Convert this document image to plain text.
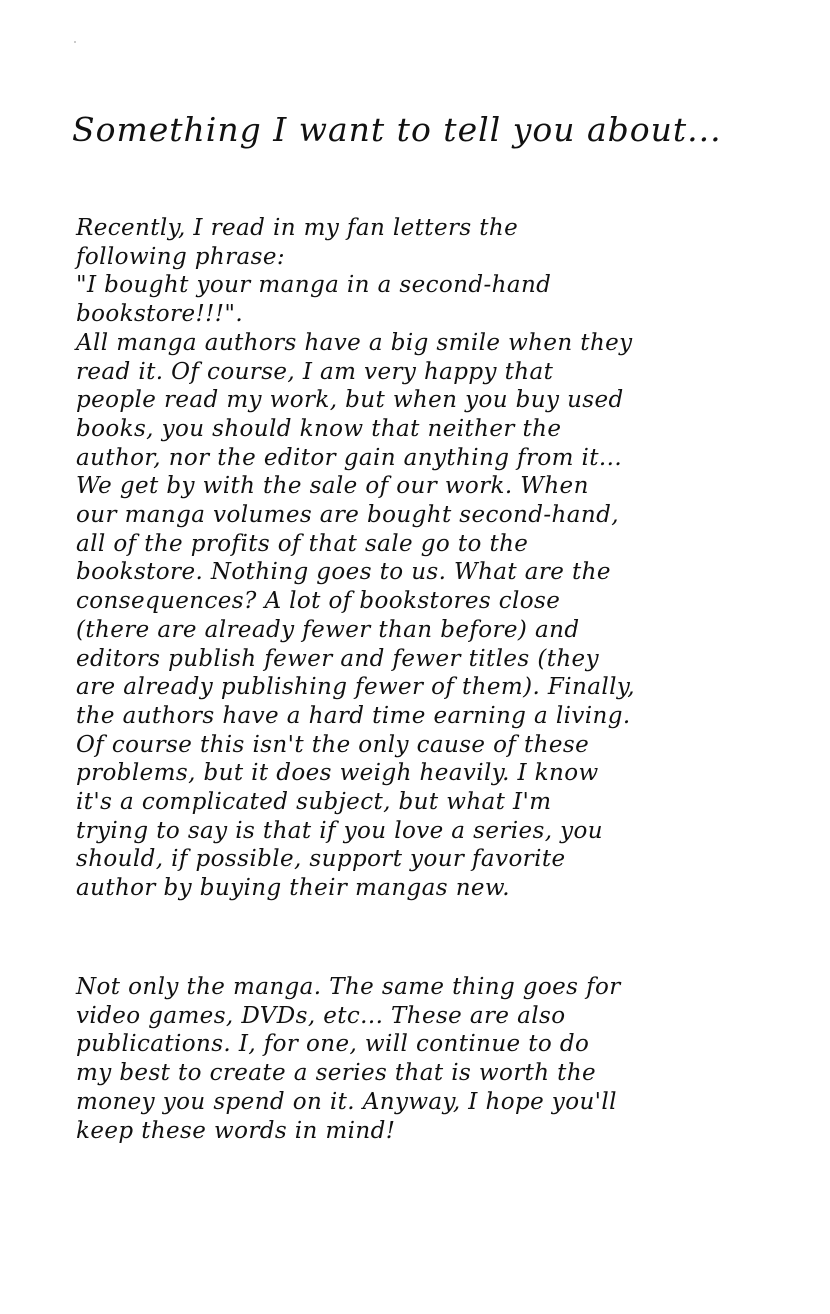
Something I want to tell you about...
Recently, I read in my fan letters the
following phrase:
"I bought your manga in a second-hand
bookstore!!!".
All manga authors have a big smile when they
read it. Of course, I am very happy that
people read my work, but when you buy used
books, you should know that neither the
author, nor the editor gain anything from it...
We get by with the sale of our work. When
our manga volumes are bought second-hand,
all of the profits of that sale go to the
bookstore. Nothing goes to us. What are the
consequences? A lot of bookstores close
(there are already fewer than before) and
editors publish fewer and fewer titles (they
are already publishing fewer of them). Finally,
the authors have a hard time earning a living.
Of course this isn't the only cause of these
problems, but it does weigh heavily. I know
it's a complicated subject, but what I'm
trying to say is that if you love a series, you
should, if possible, support your favorite
author by buying their mangas new.
Not only the manga. The same thing goes for
video games, DVDs, etc... These are also
publications. I, for one, will continue to do
my best to create a series that is worth the
money you spend on it. Anyway, I hope you'll
keep these words in mind!
